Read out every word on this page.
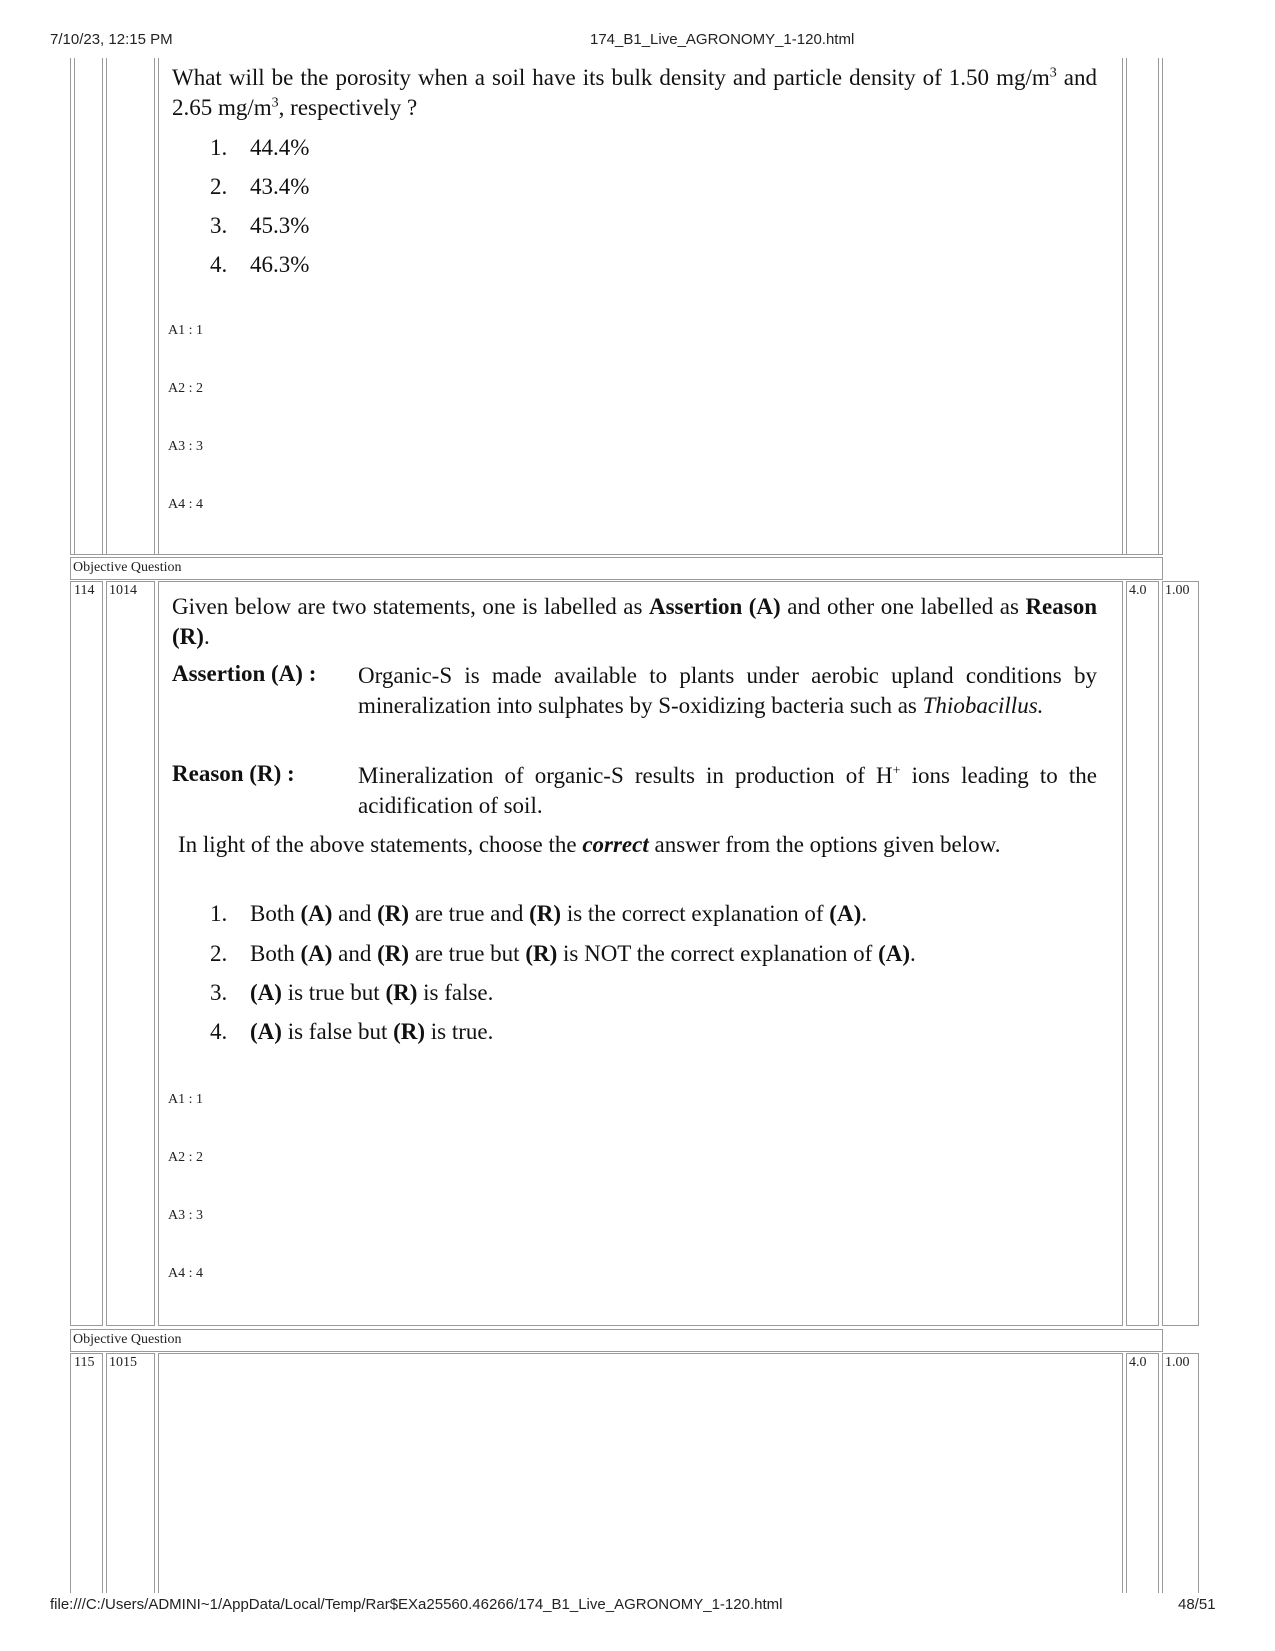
7/10/23, 12:15 PM	174_B1_Live_AGRONOMY_1-120.html
What will be the porosity when a soil have its bulk density and particle density of 1.50 $mg/m^3$ and 2.65 $mg/m^3$, respectively ?
1. 44.4%
2. 43.4%
3. 45.3%
4. 46.3%
A1 : 1
A2 : 2
A3 : 3
A4 : 4
Objective Question
114 1014	4.0 1.00
Given below are two statements, one is labelled as Assertion (A) and other one labelled as Reason (R).
Assertion (A) : Organic-S is made available to plants under aerobic upland conditions by mineralization into sulphates by S-oxidizing bacteria such as Thiobacillus.
Reason (R) :	Mineralization of organic-S results in production of H+ ions leading to the acidification of soil.
In light of the above statements, choose the correct answer from the options given below.
1. Both (A) and (R) are true and (R) is the correct explanation of (A).
2. Both (A) and (R) are true but (R) is NOT the correct explanation of (A).
3. (A) is true but (R) is false.
4. (A) is false but (R) is true.
A1 : 1
A2 : 2
A3 : 3
A4 : 4
Objective Question
115 1015	4.0 1.00
file:///C:/Users/ADMINI~1/AppData/Local/Temp/Rar$EXa25560.46266/174_B1_Live_AGRONOMY_1-120.html	48/51
